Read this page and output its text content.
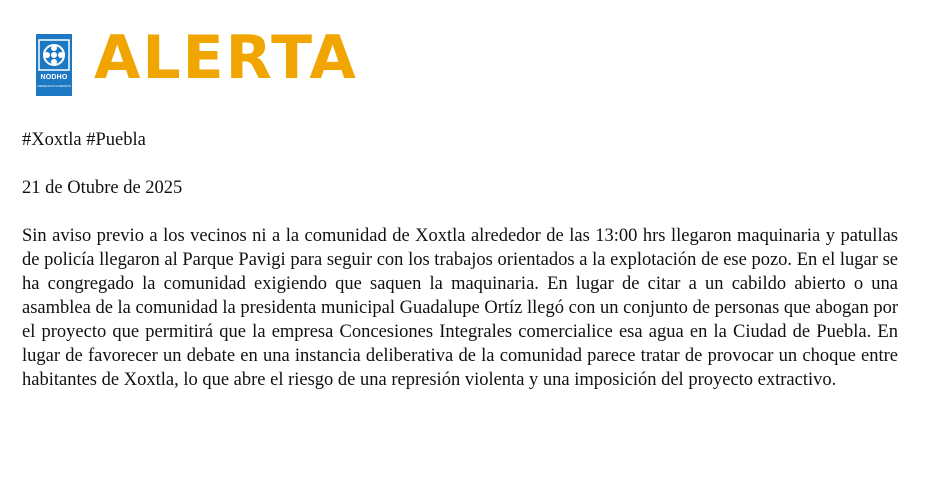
NODHO
DERECHOS HUMANOS ALERTA

#Xoxtla #Puebla

21 de Otubre de 2025

Sin aviso previo a los vecinos ni a la comunidad de Xoxtla alrededor de las 13:00 hrs llegaron maquinaria y patullas de policía llegaron al Parque Pavigi para seguir con los trabajos orientados a la explotación de ese pozo. En el lugar se ha congregado la comunidad exigiendo que saquen la maquinaria. En lugar de citar a un cabildo abierto o una asamblea de la comunidad la presidenta municipal Guadalupe Ortíz llegó con un conjunto de personas que abogan por el proyecto que permitirá que la empresa Concesiones Integrales comercialice esa agua en la Ciudad de Puebla. En lugar de favorecer un debate en una instancia deliberativa de la comunidad parece tratar de provocar un choque entre habitantes de Xoxtla, lo que abre el riesgo de una represión violenta y una imposición del proyecto extractivo.
